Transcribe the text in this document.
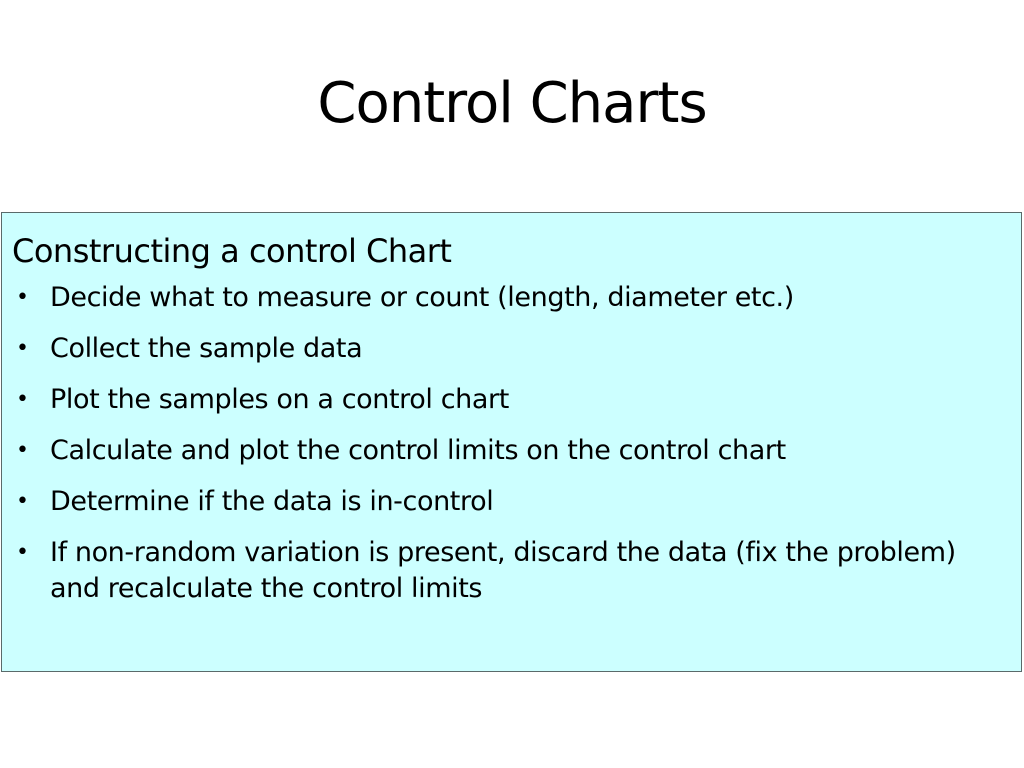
Control Charts
Constructing a control Chart
• Decide what to measure or count (length, diameter etc.)
• Collect the sample data
• Plot the samples on a control chart
• Calculate and plot the control limits on the control chart
• Determine if the data is in-control
• If non-random variation is present, discard the data (fix the problem) and recalculate the control limits
